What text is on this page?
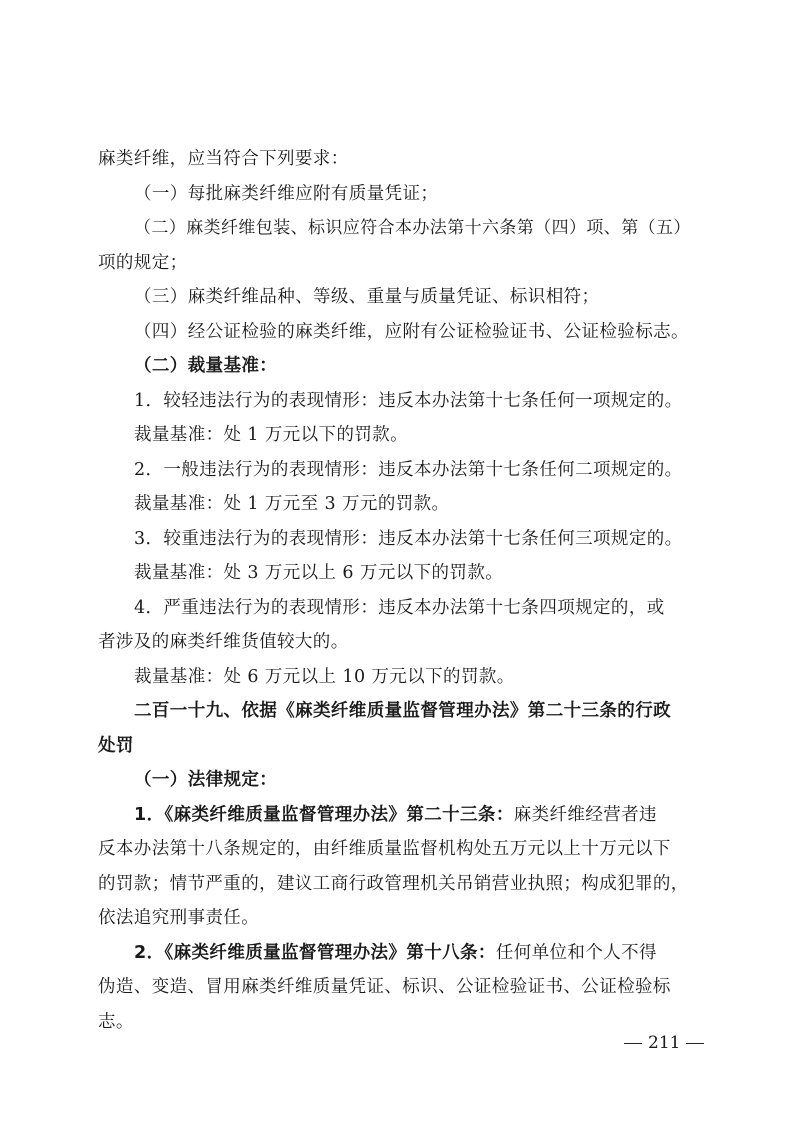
麻类纤维，应当符合下列要求：
（一）每批麻类纤维应附有质量凭证；
（二）麻类纤维包装、标识应符合本办法第十六条第（四）项、第（五）
项的规定；
（三）麻类纤维品种、等级、重量与质量凭证、标识相符；
（四）经公证检验的麻类纤维，应附有公证检验证书、公证检验标志。
（二）裁量基准：
1．较轻违法行为的表现情形：违反本办法第十七条任何一项规定的。
裁量基准：处 1 万元以下的罚款。
2．一般违法行为的表现情形：违反本办法第十七条任何二项规定的。
裁量基准：处 1 万元至 3 万元的罚款。
3．较重违法行为的表现情形：违反本办法第十七条任何三项规定的。
裁量基准：处 3 万元以上 6 万元以下的罚款。
4．严重违法行为的表现情形：违反本办法第十七条四项规定的，或
者涉及的麻类纤维货值较大的。
裁量基准：处 6 万元以上 10 万元以下的罚款。
二百一十九、依据《麻类纤维质量监督管理办法》第二十三条的行政
处罚
（一）法律规定：
1．《麻类纤维质量监督管理办法》第二十三条：麻类纤维经营者违
反本办法第十八条规定的，由纤维质量监督机构处五万元以上十万元以下
的罚款；情节严重的，建议工商行政管理机关吊销营业执照；构成犯罪的，
依法追究刑事责任。
2．《麻类纤维质量监督管理办法》第十八条：任何单位和个人不得
伪造、变造、冒用麻类纤维质量凭证、标识、公证检验证书、公证检验标
志。
211
